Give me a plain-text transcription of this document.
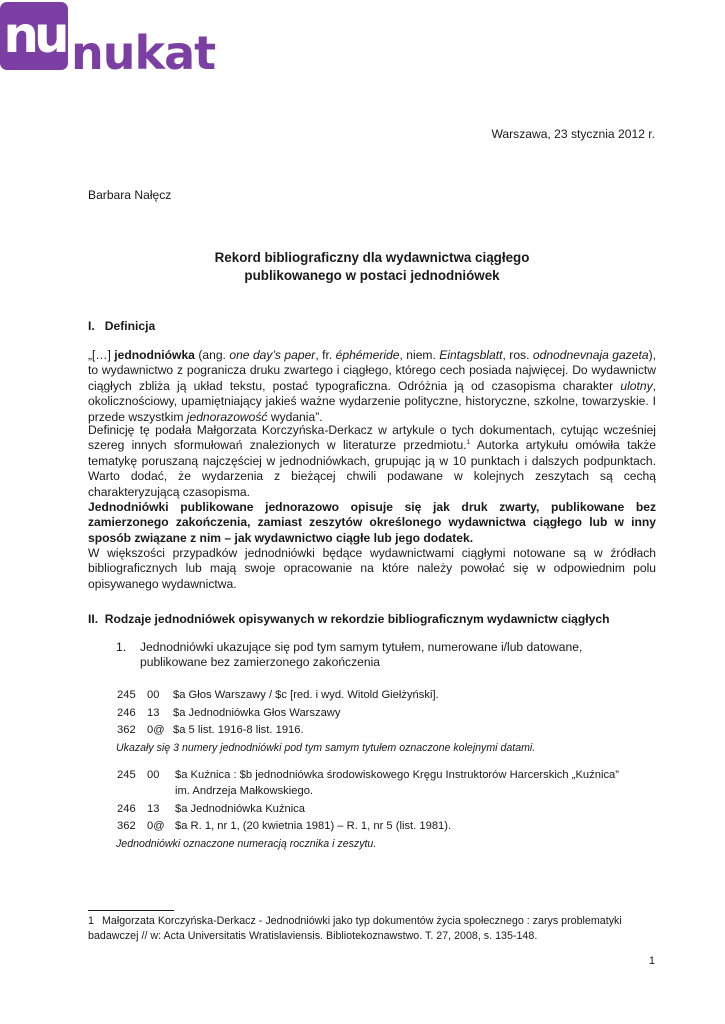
nu nukat
Warszawa, 23 stycznia 2012 r.
Barbara Nałęcz
Rekord bibliograficzny dla wydawnictwa ciągłego
publikowanego w postaci jednodniówek
I.   Definicja

„[…] jednodniówka (ang. one day’s paper, fr. éphémeride, niem. Eintagsblatt, ros. odnodnevnaja gazeta), to wydawnictwo z pogranicza druku zwartego i ciągłego, którego cech posiada najwięcej. Do wydawnictw ciągłych zbliża ją układ tekstu, postać typograficzna. Odróżnia ją od czasopisma charakter ulotny, okolicznościowy, upamiętniający jakieś ważne wydarzenie polityczne, historyczne, szkolne, towarzyskie. I przede wszystkim jednorazowość wydania”.

Definicję tę podała Małgorzata Korczyńska-Derkacz w artykule o tych dokumentach, cytując wcześniej szereg innych sformułowań znalezionych w literaturze przedmiotu.$^1$ Autorka artykułu omówiła także tematykę poruszaną najczęściej w jednodniówkach, grupując ją w 10 punktach i dalszych podpunktach. Warto dodać, że wydarzenia z bieżącej chwili podawane w kolejnych zeszytach są cechą charakteryzującą czasopisma.

Jednodniówki publikowane jednorazowo opisuje się jak druk zwarty, publikowane bez zamierzonego zakończenia, zamiast zeszytów określonego wydawnictwa ciągłego lub w inny sposób związane z nim – jak wydawnictwo ciągłe lub jego dodatek.

W większości przypadków jednodniówki będące wydawnictwami ciągłymi notowane są w źródłach bibliograficznych lub mają swoje opracowanie na które należy powołać się w odpowiednim polu opisywanego wydawnictwa.

II.  Rodzaje jednodniówek opisywanych w rekordzie bibliograficznym wydawnictw ciągłych
1. Jednodniówki ukazujące się pod tym samym tytułem, numerowane i/lub datowane,
publikowane bez zamierzonego zakończenia
245 00 $a Głos Warszawy / $c [red. i wyd. Witold Giełżyński].
246 13 $a Jednodniówka Głos Warszawy
362 0@ $a 5 list. 1916-8 list. 1916.
Ukazały się 3 numery jednodniówki pod tym samym tytułem oznaczone kolejnymi datami.
245 00 $a Kuźnica : $b jednodniówka środowiskowego Kręgu Instruktorów Harcerskich „Kuźnica”
im. Andrzeja Małkowskiego.
246 13 $a Jednodniówka Kuźnica
362 0@ $a R. 1, nr 1, (20 kwietnia 1981) – R. 1, nr 5 (list. 1981).
Jednodniówki oznaczone numeracją rocznika i zeszytu.
1 Małgorzata Korczyńska-Derkacz - Jednodniówki jako typ dokumentów życia społecznego : zarys problematyki
badawczej // w: Acta Universitatis Wratislaviensis. Bibliotekoznawstwo. T. 27, 2008, s. 135-148.
1
